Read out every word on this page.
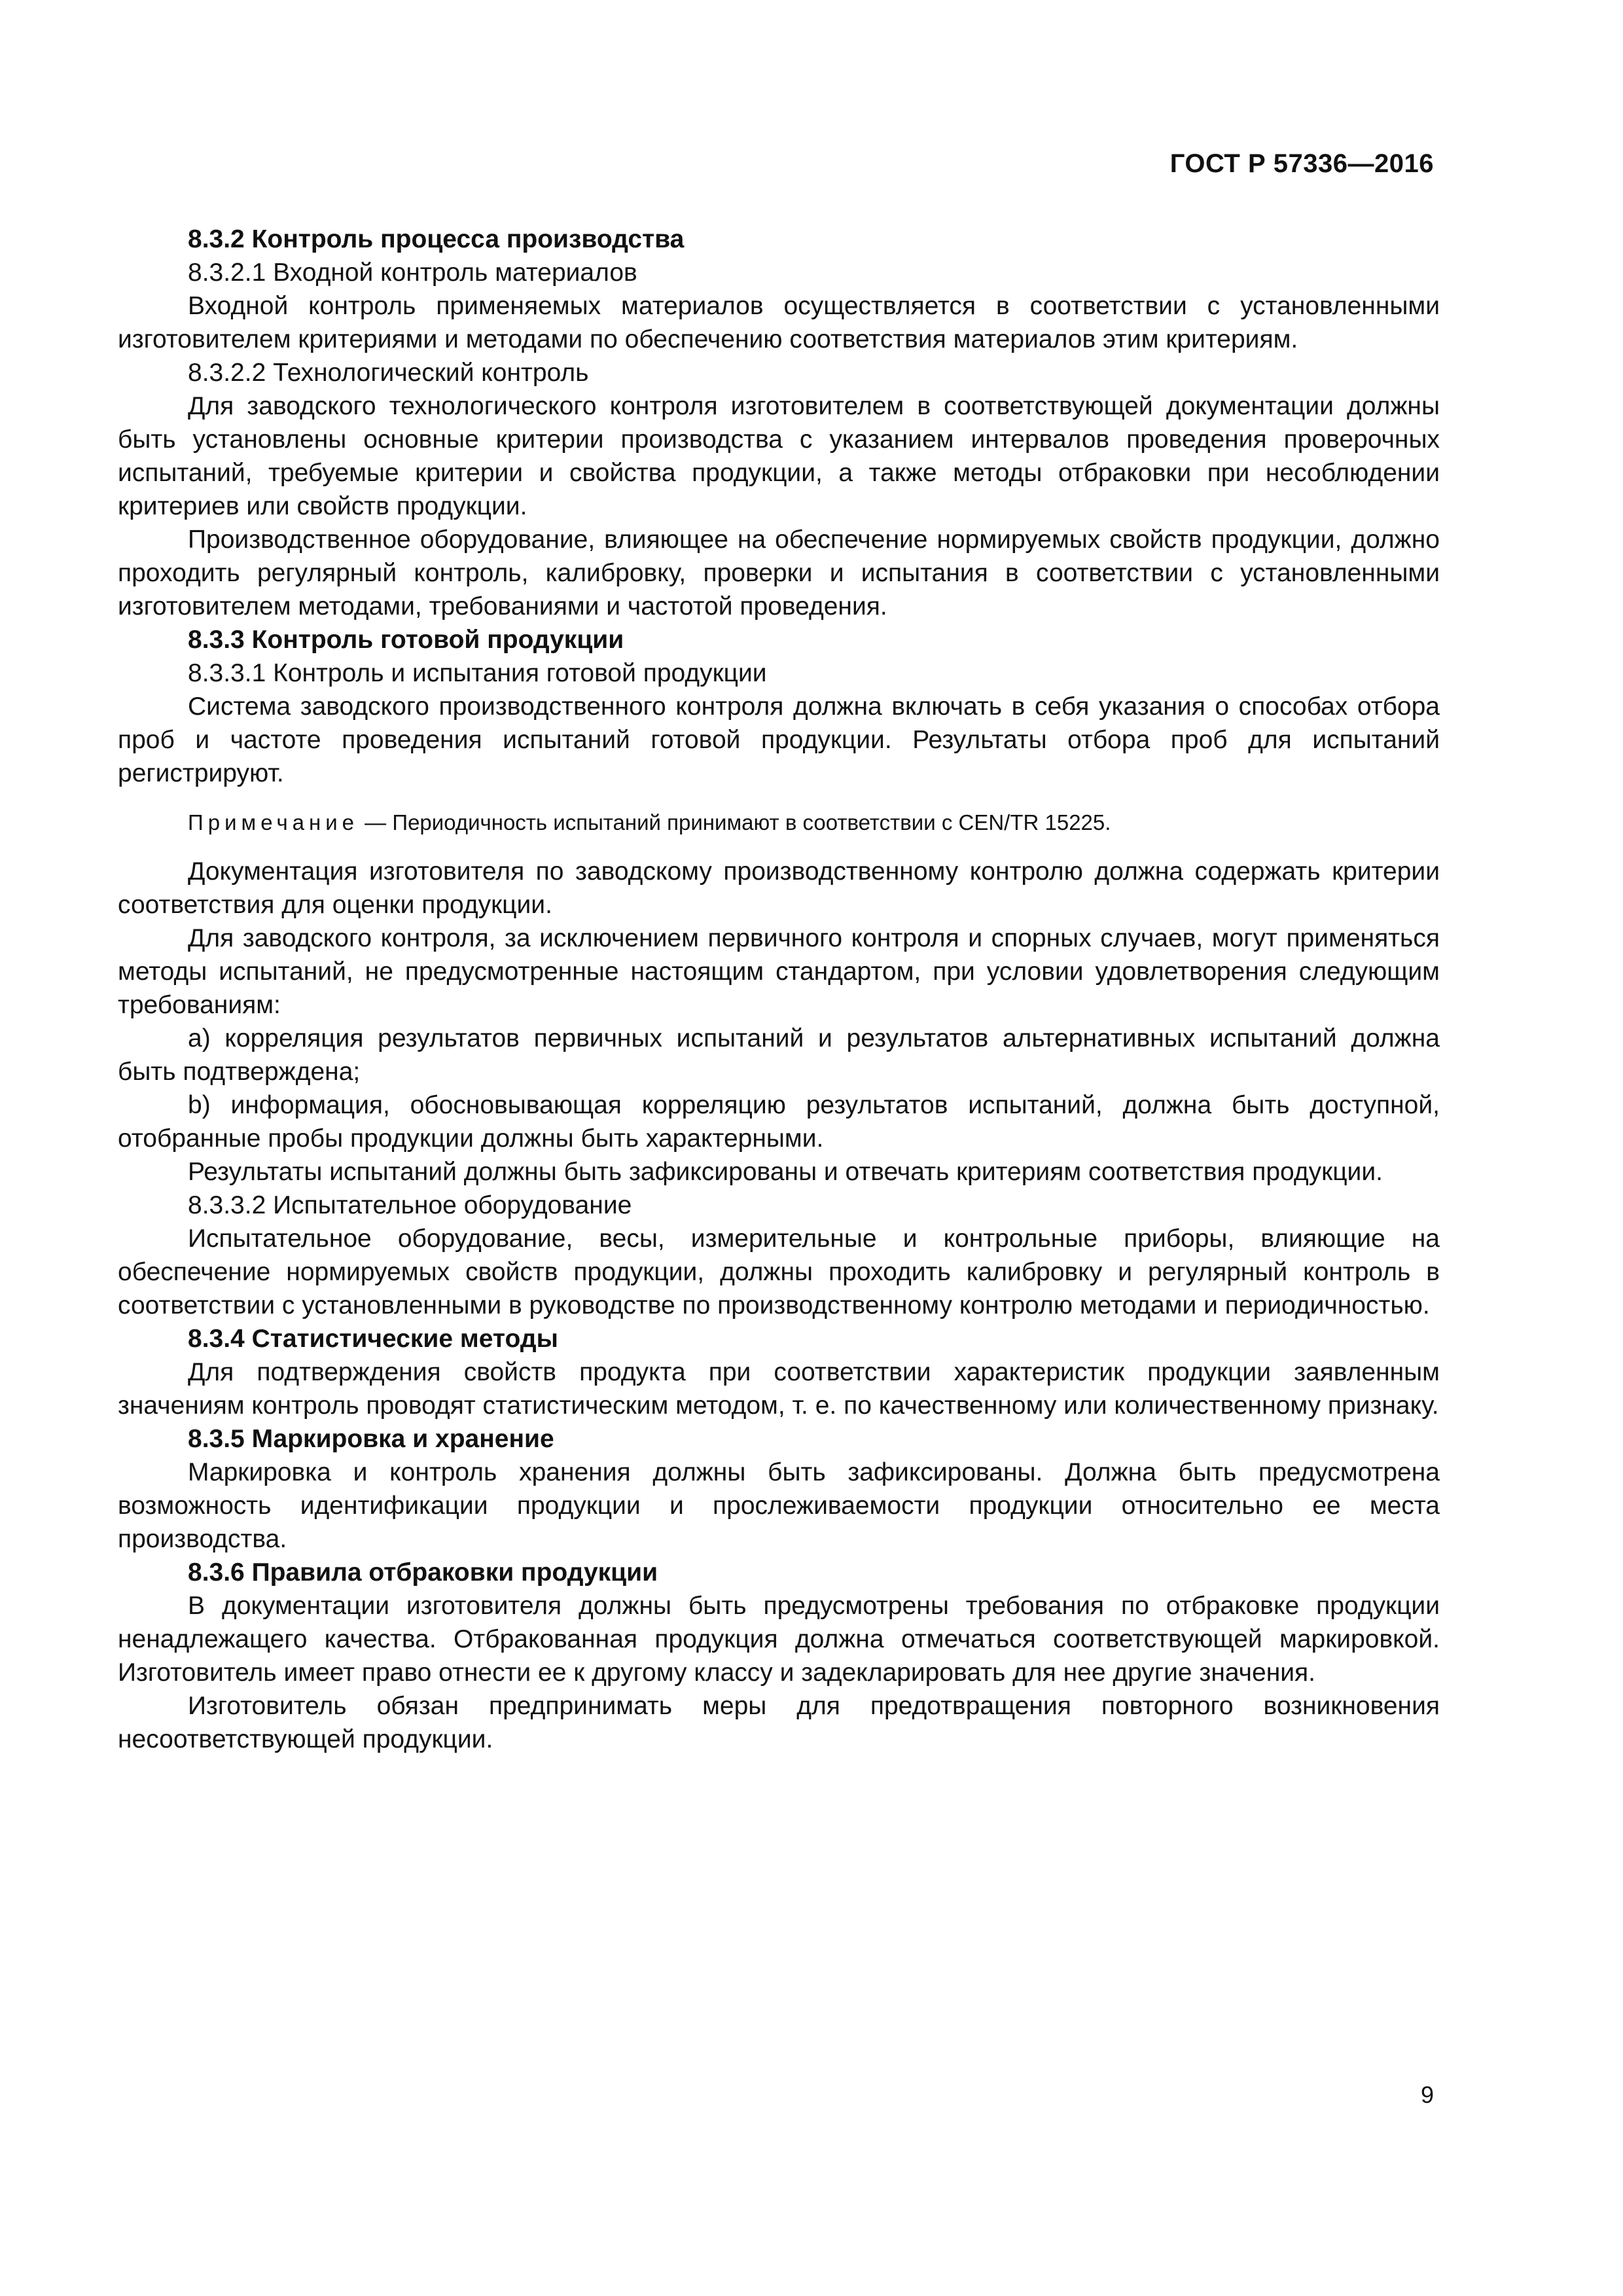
ГОСТ Р 57336—2016

8.3.2 Контроль процесса производства

8.3.2.1 Входной контроль материалов

Входной контроль применяемых материалов осуществляется в соответствии с установленными изготовителем критериями и методами по обеспечению соответствия материалов этим критериям.

8.3.2.2 Технологический контроль

Для заводского технологического контроля изготовителем в соответствующей документации должны быть установлены основные критерии производства с указанием интервалов проведения проверочных испытаний, требуемые критерии и свойства продукции, а также методы отбраковки при несоблюдении критериев или свойств продукции.

Производственное оборудование, влияющее на обеспечение нормируемых свойств продукции, должно проходить регулярный контроль, калибровку, проверки и испытания в соответствии с установленными изготовителем методами, требованиями и частотой проведения.

8.3.3 Контроль готовой продукции

8.3.3.1 Контроль и испытания готовой продукции

Система заводского производственного контроля должна включать в себя указания о способах отбора проб и частоте проведения испытаний готовой продукции. Результаты отбора проб для испытаний регистрируют.

Примечание — Периодичность испытаний принимают в соответствии с CEN/TR 15225.

Документация изготовителя по заводскому производственному контролю должна содержать критерии соответствия для оценки продукции.

Для заводского контроля, за исключением первичного контроля и спорных случаев, могут применяться методы испытаний, не предусмотренные настоящим стандартом, при условии удовлетворения следующим требованиям:

a) корреляция результатов первичных испытаний и результатов альтернативных испытаний должна быть подтверждена;

b) информация, обосновывающая корреляцию результатов испытаний, должна быть доступной, отобранные пробы продукции должны быть характерными.

Результаты испытаний должны быть зафиксированы и отвечать критериям соответствия продукции.

8.3.3.2 Испытательное оборудование

Испытательное оборудование, весы, измерительные и контрольные приборы, влияющие на обеспечение нормируемых свойств продукции, должны проходить калибровку и регулярный контроль в соответствии с установленными в руководстве по производственному контролю методами и периодичностью.

8.3.4 Статистические методы

Для подтверждения свойств продукта при соответствии характеристик продукции заявленным значениям контроль проводят статистическим методом, т. е. по качественному или количественному признаку.

8.3.5 Маркировка и хранение

Маркировка и контроль хранения должны быть зафиксированы. Должна быть предусмотрена возможность идентификации продукции и прослеживаемости продукции относительно ее места производства.

8.3.6 Правила отбраковки продукции

В документации изготовителя должны быть предусмотрены требования по отбраковке продукции ненадлежащего качества. Отбракованная продукция должна отмечаться соответствующей маркировкой. Изготовитель имеет право отнести ее к другому классу и задекларировать для нее другие значения.

Изготовитель обязан предпринимать меры для предотвращения повторного возникновения несоответствующей продукции.

9
